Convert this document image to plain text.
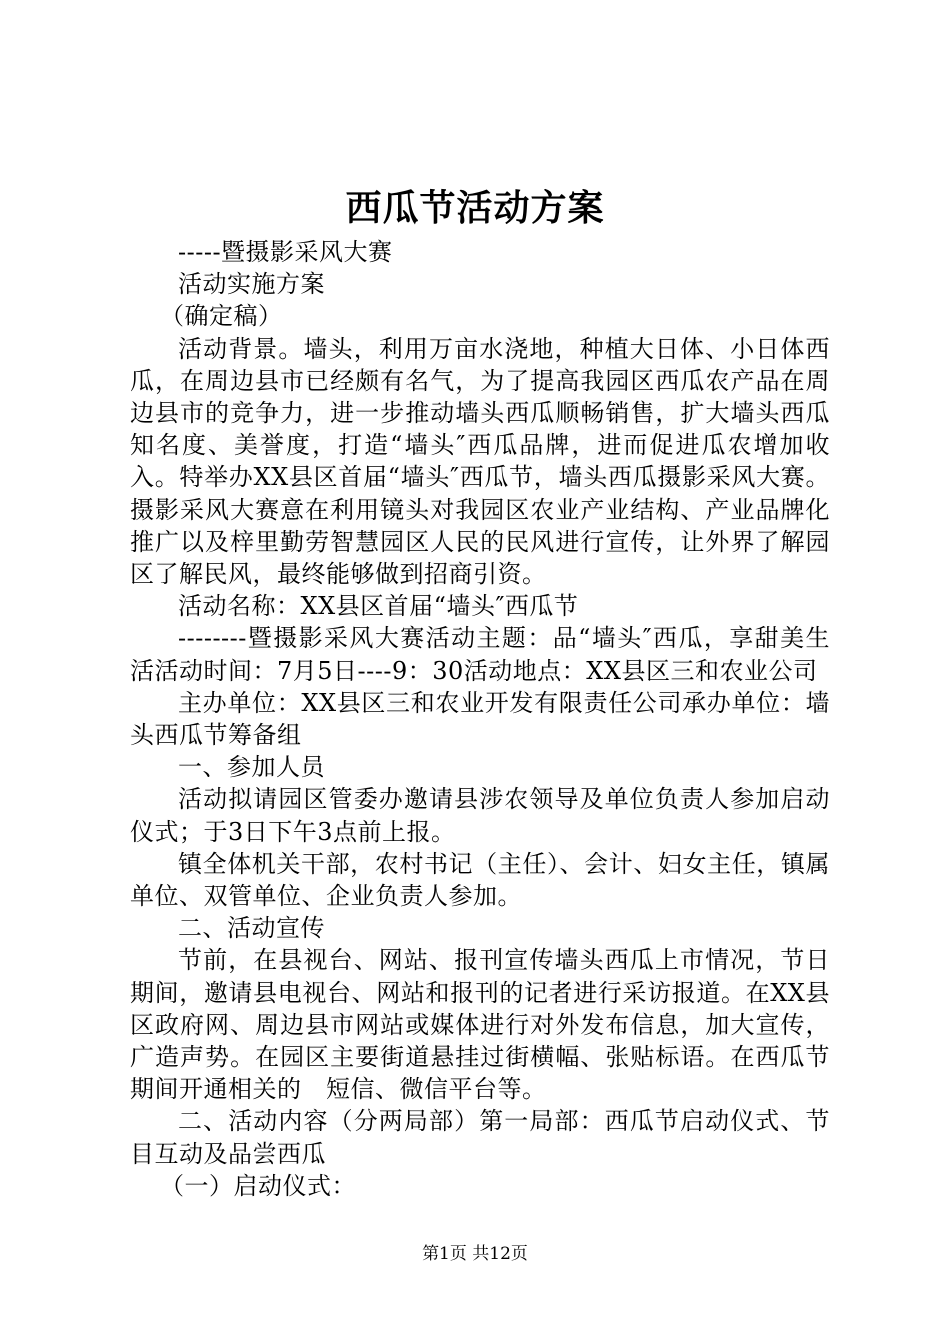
西瓜节活动方案

-----暨摄影采风大赛

活动实施方案

（确定稿）

活动背景。墙头，利用万亩水浇地，种植大日体、小日体西瓜，在周边县市已经颇有名气，为了提高我园区西瓜农产品在周边县市的竞争力，进一步推动墙头西瓜顺畅销售，扩大墙头西瓜知名度、美誉度，打造“墙头″西瓜品牌，进而促进瓜农增加收入。特举办XX县区首届“墙头″西瓜节，墙头西瓜摄影采风大赛。摄影采风大赛意在利用镜头对我园区农业产业结构、产业品牌化推广以及梓里勤劳智慧园区人民的民风进行宣传，让外界了解园区了解民风，最终能够做到招商引资。

活动名称：XX县区首届“墙头″西瓜节

--------暨摄影采风大赛活动主题：品“墙头″西瓜，享甜美生活活动时间：7月5日----9：30活动地点：XX县区三和农业公司

主办单位：XX县区三和农业开发有限责任公司承办单位：墙头西瓜节筹备组

一、参加人员

活动拟请园区管委办邀请县涉农领导及单位负责人参加启动仪式；于3日下午3点前上报。

镇全体机关干部，农村书记（主任）、会计、妇女主任，镇属单位、双管单位、企业负责人参加。

二、活动宣传

节前，在县视台、网站、报刊宣传墙头西瓜上市情况，节日期间，邀请县电视台、网站和报刊的记者进行采访报道。在XX县区政府网、周边县市网站或媒体进行对外发布信息，加大宣传，广造声势。在园区主要街道悬挂过街横幅、张贴标语。在西瓜节期间开通相关的　短信、微信平台等。

二、活动内容（分两局部）第一局部：西瓜节启动仪式、节目互动及品尝西瓜

（一）启动仪式：

第1页 共12页
